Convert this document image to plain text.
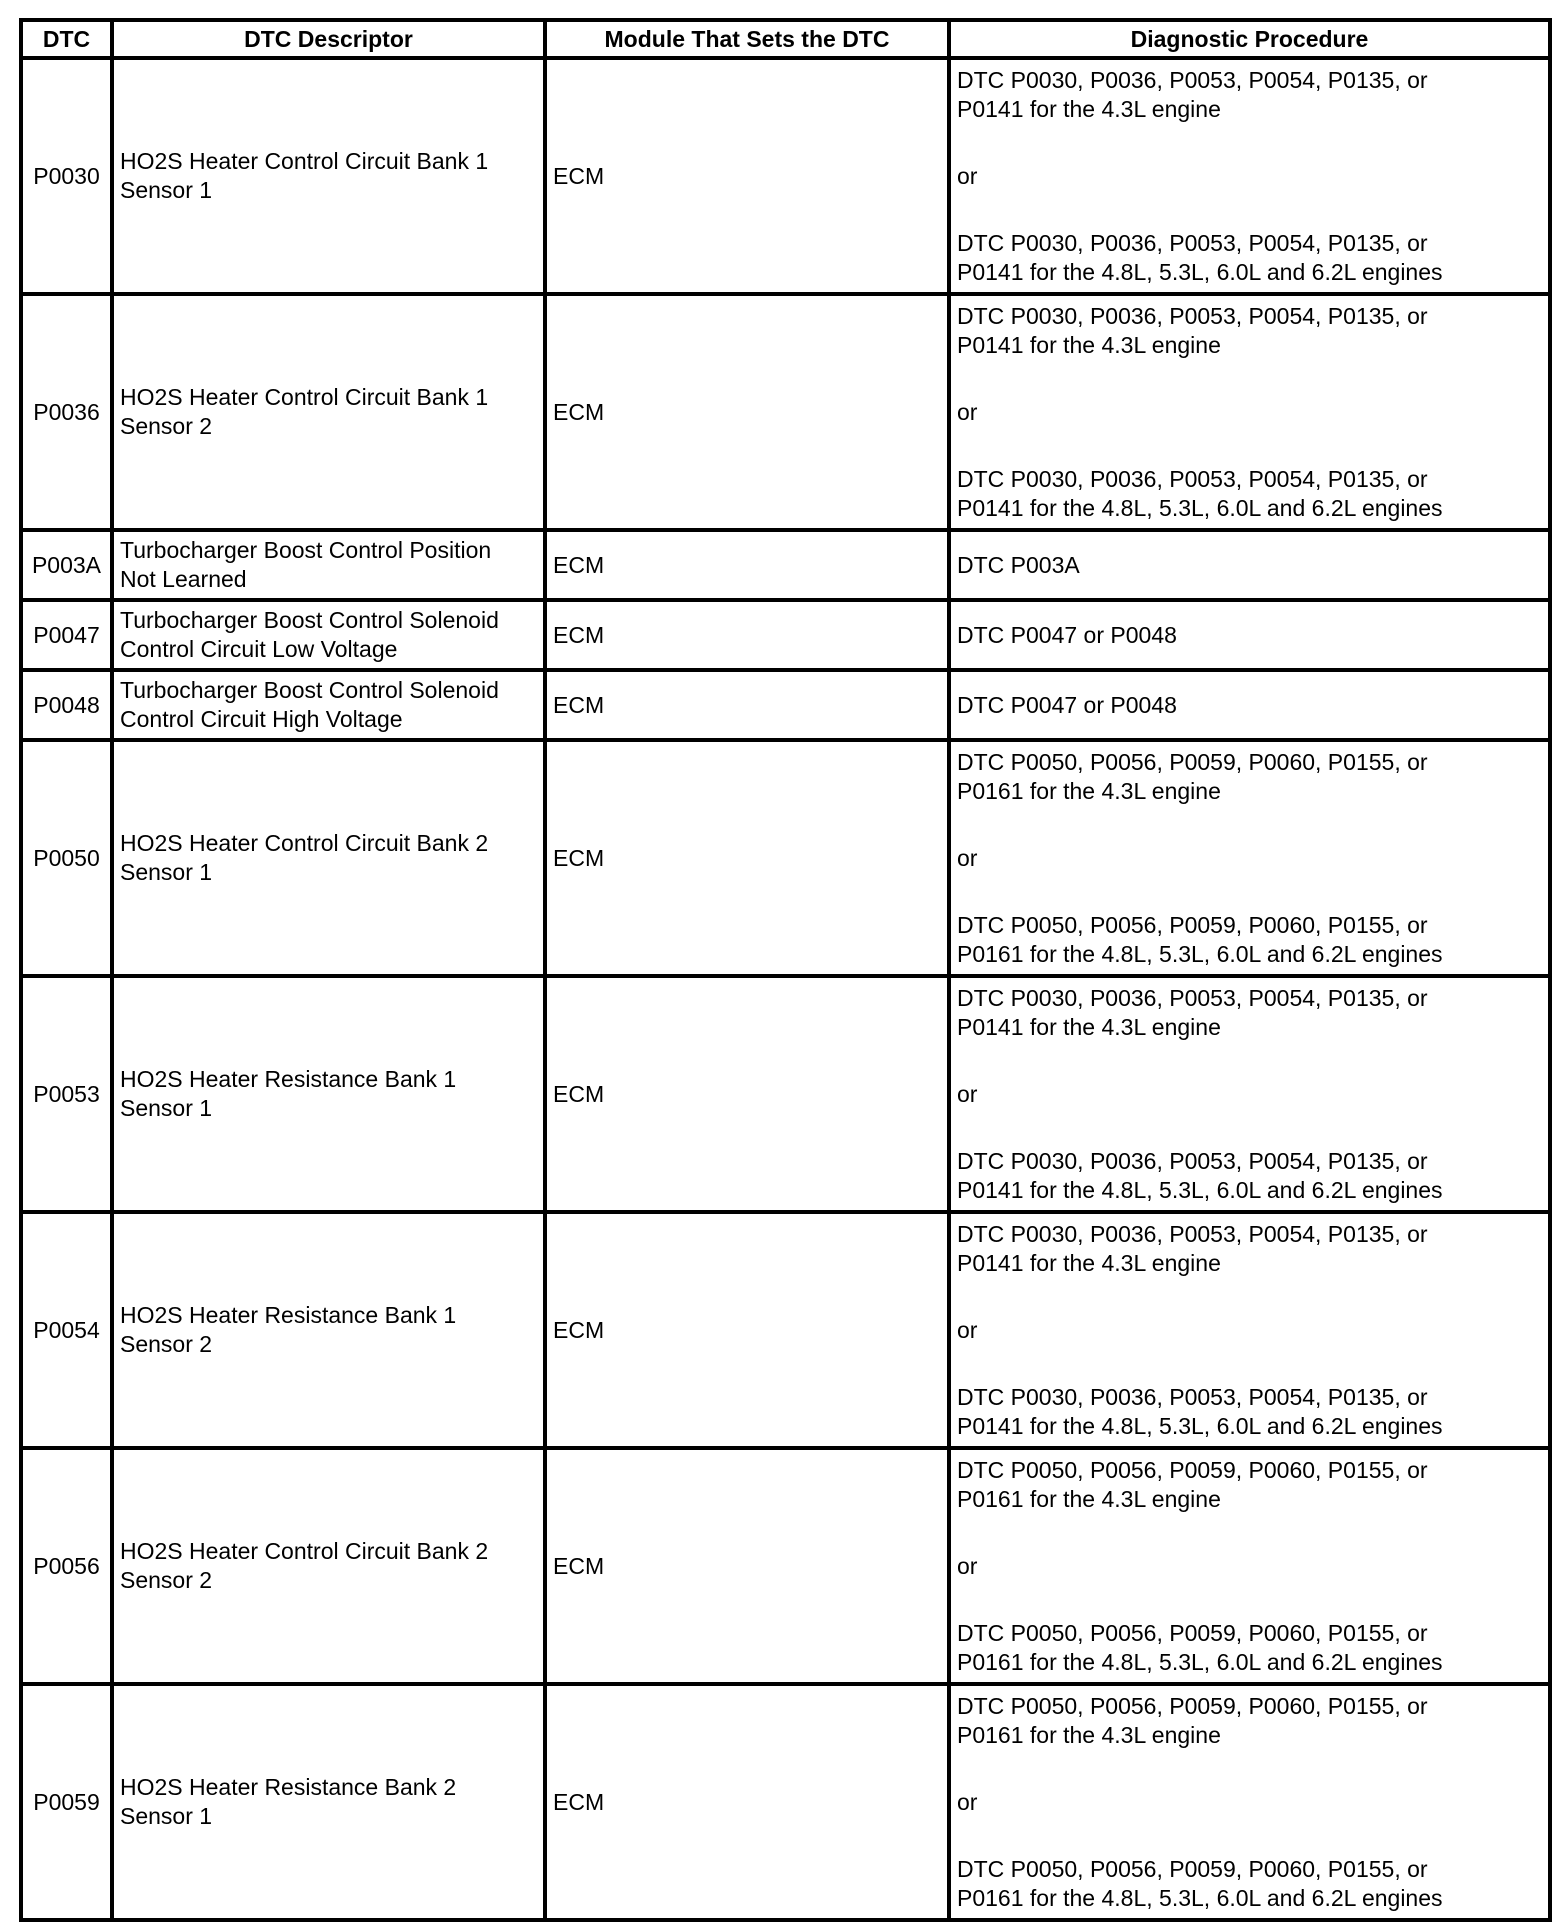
DTC	DTC Descriptor	Module That Sets the DTC	Diagnostic Procedure
P0030	HO2S Heater Control Circuit Bank 1
Sensor 1	ECM	DTC P0030, P0036, P0053, P0054, P0135, or
P0141 for the 4.3L engine
or
DTC P0030, P0036, P0053, P0054, P0135, or
P0141 for the 4.8L, 5.3L, 6.0L and 6.2L engines

P0036	HO2S Heater Control Circuit Bank 1
Sensor 2	ECM	DTC P0030, P0036, P0053, P0054, P0135, or
P0141 for the 4.3L engine
or
DTC P0030, P0036, P0053, P0054, P0135, or
P0141 for the 4.8L, 5.3L, 6.0L and 6.2L engines

P003A	Turbocharger Boost Control Position
Not Learned	ECM	DTC P003A

P0047	Turbocharger Boost Control Solenoid
Control Circuit Low Voltage	ECM	DTC P0047 or P0048

P0048	Turbocharger Boost Control Solenoid
Control Circuit High Voltage	ECM	DTC P0047 or P0048

P0050	HO2S Heater Control Circuit Bank 2
Sensor 1	ECM	DTC P0050, P0056, P0059, P0060, P0155, or
P0161 for the 4.3L engine
or
DTC P0050, P0056, P0059, P0060, P0155, or
P0161 for the 4.8L, 5.3L, 6.0L and 6.2L engines

P0053	HO2S Heater Resistance Bank 1
Sensor 1	ECM	DTC P0030, P0036, P0053, P0054, P0135, or
P0141 for the 4.3L engine
or
DTC P0030, P0036, P0053, P0054, P0135, or
P0141 for the 4.8L, 5.3L, 6.0L and 6.2L engines

P0054	HO2S Heater Resistance Bank 1
Sensor 2	ECM	DTC P0030, P0036, P0053, P0054, P0135, or
P0141 for the 4.3L engine
or
DTC P0030, P0036, P0053, P0054, P0135, or
P0141 for the 4.8L, 5.3L, 6.0L and 6.2L engines

P0056	HO2S Heater Control Circuit Bank 2
Sensor 2	ECM	DTC P0050, P0056, P0059, P0060, P0155, or
P0161 for the 4.3L engine
or
DTC P0050, P0056, P0059, P0060, P0155, or
P0161 for the 4.8L, 5.3L, 6.0L and 6.2L engines

P0059	HO2S Heater Resistance Bank 2
Sensor 1	ECM	DTC P0050, P0056, P0059, P0060, P0155, or
P0161 for the 4.3L engine
or
DTC P0050, P0056, P0059, P0060, P0155, or
P0161 for the 4.8L, 5.3L, 6.0L and 6.2L engines
